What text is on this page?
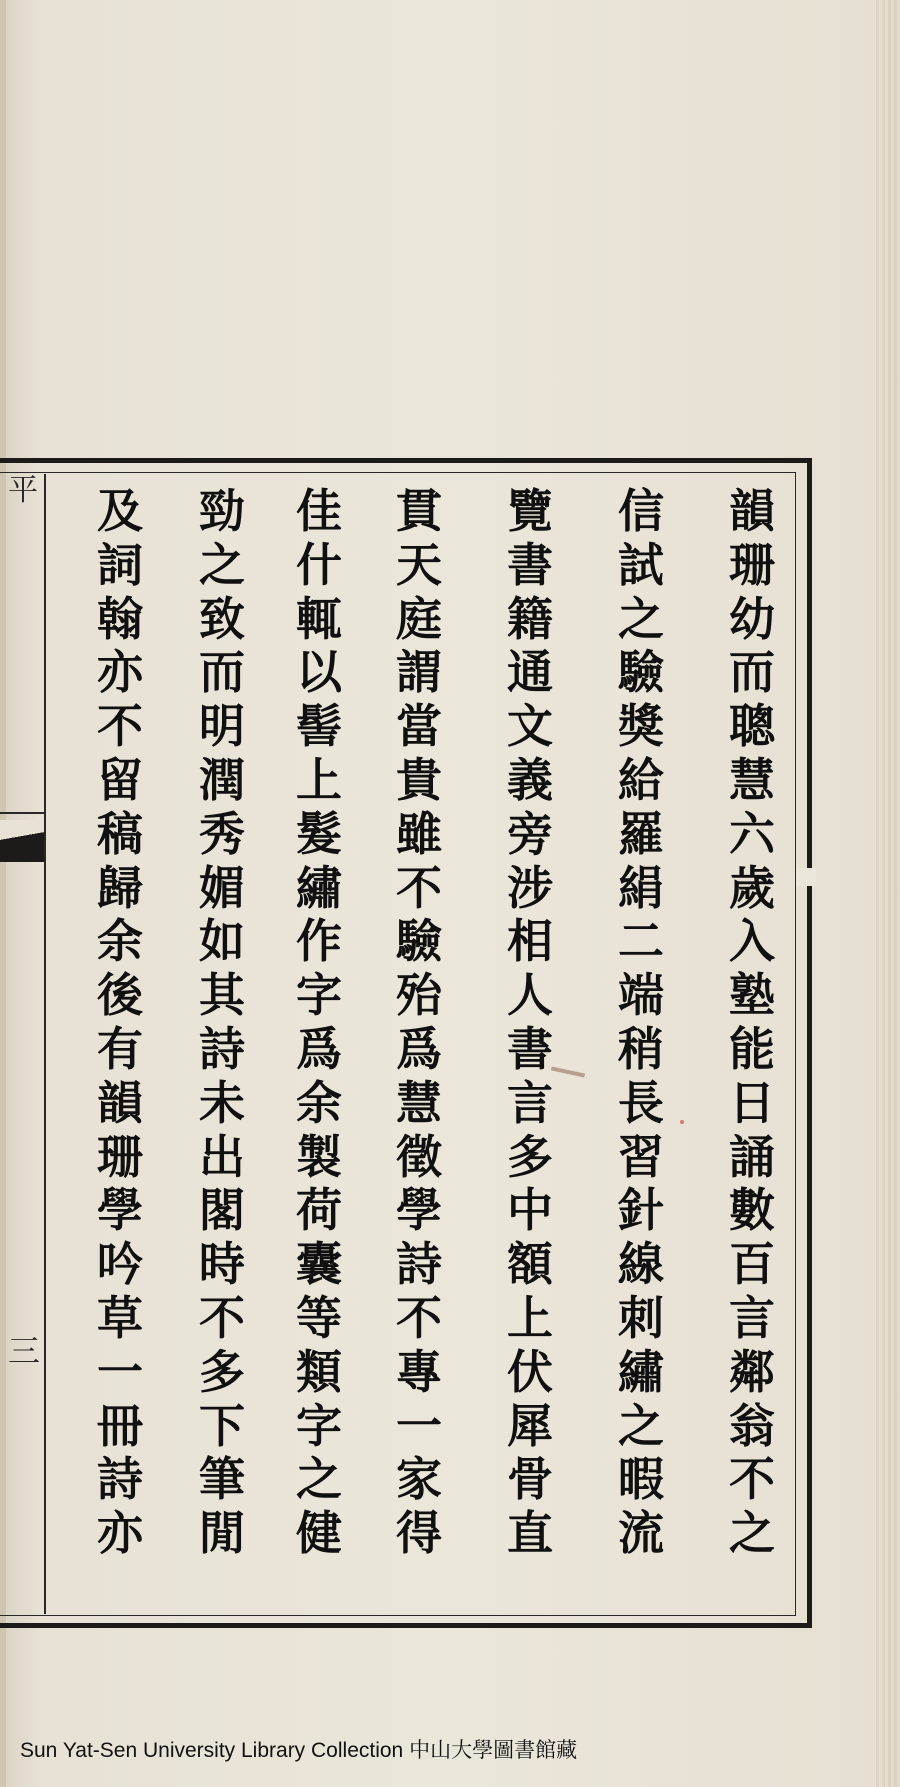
平
三
韻
珊
幼
而
聰
慧
六
歲
入
塾
能
日
誦
數
百
言
鄰
翁
不
之
信
試
之
驗
獎
給
羅
絹
二
端
稍
長
習
針
線
刺
繡
之
暇
流
覽
書
籍
通
文
義
旁
涉
相
人
書
言
多
中
額
上
伏
犀
骨
直
貫
天
庭
謂
當
貴
雖
不
驗
殆
爲
慧
徵
學
詩
不
專
一
家
得
佳
什
輒
以
髻
上
髮
繡
作
字
爲
余
製
荷
囊
等
類
字
之
健
勁
之
致
而
明
潤
秀
媚
如
其
詩
未
出
閣
時
不
多
下
筆
閒
及
詞
翰
亦
不
留
稿
歸
余
後
有
韻
珊
學
吟
草
一
冊
詩
亦
Sun Yat-Sen University Library Collection 中山大學圖書館藏
